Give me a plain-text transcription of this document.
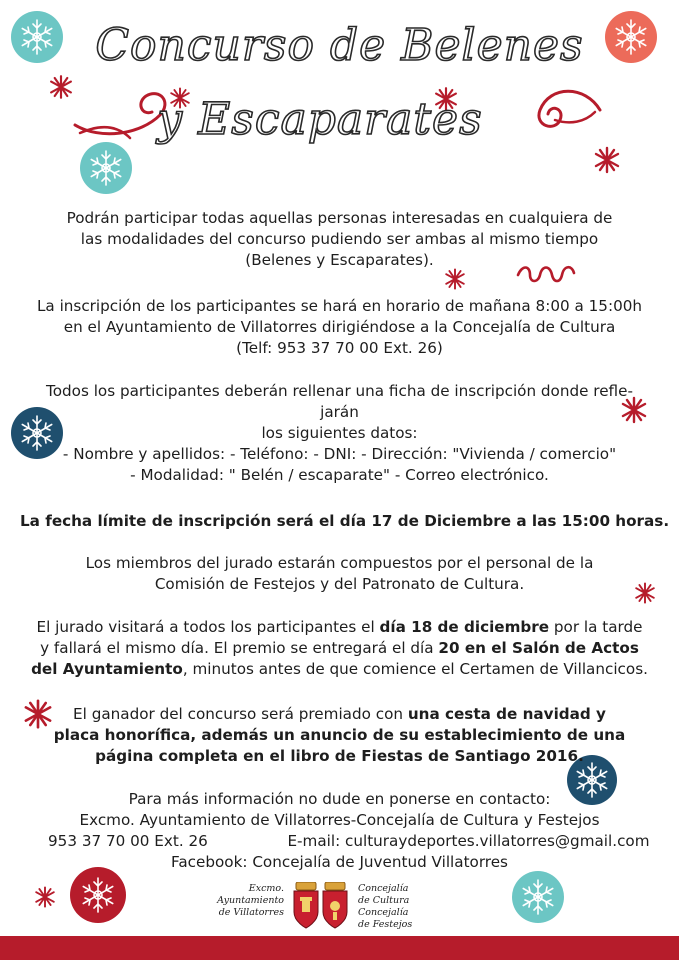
Concurso de Belenes
y Escaparates
Podrán participar todas aquellas personas interesadas en cualquiera de
las modalidades del concurso pudiendo ser ambas al mismo tiempo
(Belenes y Escaparates).
La inscripción de los participantes se hará en horario de mañana 8:00 a 15:00h
en el Ayuntamiento de Villatorres dirigiéndose a la Concejalía de Cultura
(Telf: 953 37 70 00 Ext. 26)
Todos los participantes deberán rellenar una ficha de inscripción donde refle-
jarán
los siguientes datos:
- Nombre y apellidos: - Teléfono: - DNI: - Dirección: "Vivienda / comercio"
- Modalidad: " Belén / escaparate" - Correo electrónico.
La fecha límite de inscripción será el día 17 de Diciembre a las 15:00 horas.
Los miembros del jurado estarán compuestos por el personal de la
Comisión de Festejos y del Patronato de Cultura.
El jurado visitará a todos los participantes el día 18 de diciembre por la tarde
y fallará el mismo día. El premio se entregará el día 20 en el Salón de Actos
del Ayuntamiento, minutos antes de que comience el Certamen de Villancicos.
El ganador del concurso será premiado con una cesta de navidad y
placa honorífica, además un anuncio de su establecimiento de una
página completa en el libro de Fiestas de Santiago 2016.
Para más información no dude en ponerse en contacto:
Excmo. Ayuntamiento de Villatorres-Concejalía de Cultura y Festejos
953 37 70 00 Ext. 26	E-mail: culturaydeportes.villatorres@gmail.com
Facebook: Concejalía de Juventud Villatorres
Excmo.
Ayuntamiento
de Villatorres
Concejalía
de Cultura
Concejalía
de Festejos
